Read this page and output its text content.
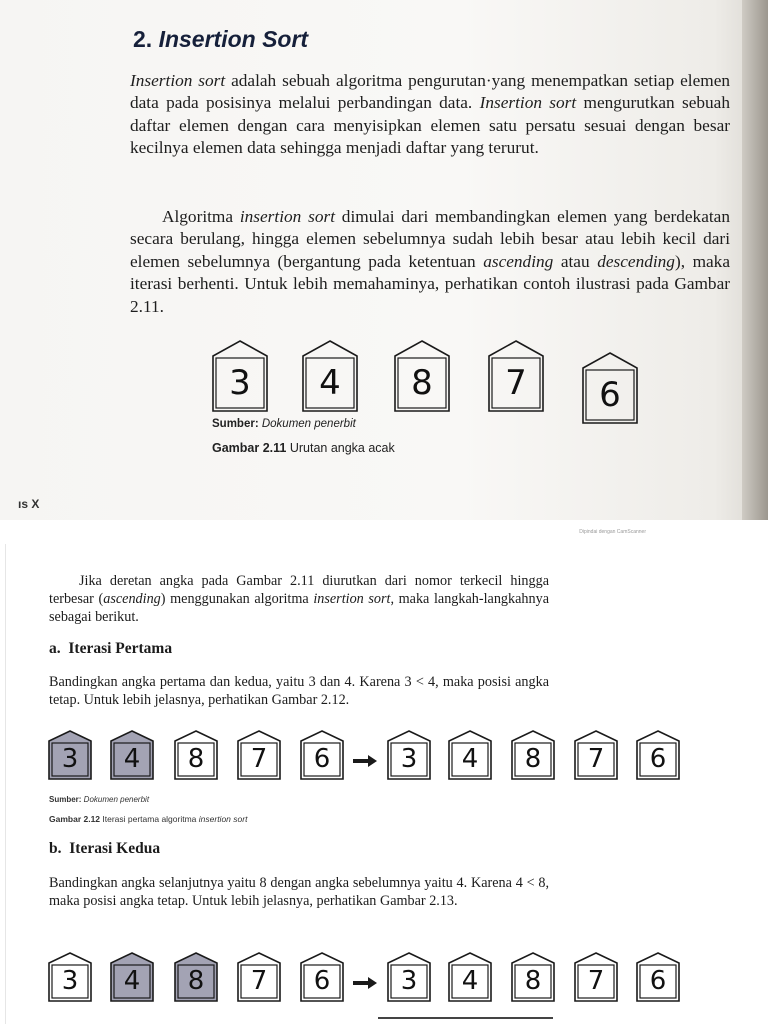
2. Insertion Sort

Insertion sort adalah sebuah algoritma pengurutan·yang menempatkan setiap elemen data pada posisinya melalui perbandingan data. Insertion sort mengurutkan sebuah daftar elemen dengan cara menyisipkan elemen satu persatu sesuai dengan besar kecilnya elemen data sehingga menjadi daftar yang terurut.

Algoritma insertion sort dimulai dari membandingkan elemen yang berdekatan secara berulang, hingga elemen sebelumnya sudah lebih besar atau lebih kecil dari elemen sebelumnya (bergantung pada ketentuan ascending atau descending), maka iterasi berhenti. Untuk lebih memahaminya, perhatikan contoh ilustrasi pada Gambar 2.11.

3	4	8	7	6
Sumber: Dokumen penerbit
Gambar 2.11 Urutan angka acak
ıs X
Dipindai dengan CamScanner

Jika deretan angka pada Gambar 2.11 diurutkan dari nomor terkecil hingga terbesar (ascending) menggunakan algoritma insertion sort, maka langkah-langkahnya sebagai berikut.

a. Iterasi Pertama

Bandingkan angka pertama dan kedua, yaitu 3 dan 4. Karena 3 < 4, maka posisi angka tetap. Untuk lebih jelasnya, perhatikan Gambar 2.12.

3	4	8	7	6	3	4	8	7	6
Sumber: Dokumen penerbit
Gambar 2.12 Iterasi pertama algoritma insertion sort
b. Iterasi Kedua

Bandingkan angka selanjutnya yaitu 8 dengan angka sebelumnya yaitu 4. Karena 4 < 8, maka posisi angka tetap. Untuk lebih jelasnya, perhatikan Gambar 2.13.

3	4	8	7	6	3	4	8	7	6
